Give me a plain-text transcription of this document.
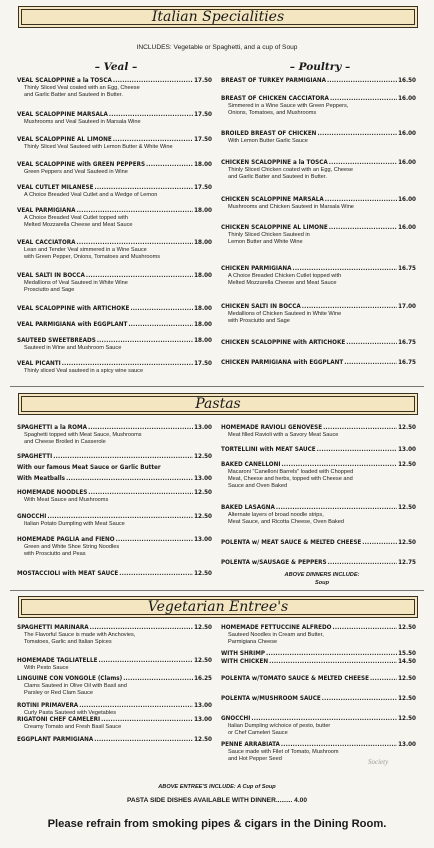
Italian Specialities
INCLUDES: Vegetable or Spaghetti, and a cup of Soup
– Veal –	– Poultry –
VEAL SCALOPPINE a la TOSCA .....	17.50
Thinly Sliced Veal coated with an Egg, Cheese
and Garlic Batter and Sauteed in Butter.
VEAL SCALOPPINE MARSALA .....	17.50
Mushrooms and Veal Sauteed in Marsala Wine
VEAL SCALOPPINE AL LIMONE .....	17.50
Thinly Sliced Veal Sauteed with Lemon Butter & White Wine
VEAL SCALOPPINE with GREEN PEPPERS .....	18.00
Green Peppers and Veal Sauteed in Wine
VEAL CUTLET MILANESE .....	17.50
A Choice Breaded Veal Cutlet and a Wedge of Lemon
VEAL PARMIGIANA .....	18.00
A Choice Breaded Veal Cutlet topped with
Melted Mozzarella Cheese and Meat Sauce
VEAL CACCIATORA .....	18.00
Lean and Tender Veal simmered in a Wine Sauce
with Green Pepper, Onions, Tomatoes and Mushrooms
VEAL SALTI IN BOCCA .....	18.00
Medallions of Veal Sauteed in White Wine
Prosciutto and Sage
VEAL SCALOPPINE with ARTICHOKE .....	18.00
VEAL PARMIGIANA with EGGPLANT .....	18.00
SAUTEED SWEETBREADS .....	18.00
Sauteed in Wine and Mushroom Sauce
VEAL PICANTI .....	17.50
Thinly sliced Veal sauteed in a spicy wine sauce
BREAST OF TURKEY PARMIGIANA .....	16.50
BREAST OF CHICKEN CACCIATORA .....	16.00
Simmered in a Wine Sauce with Green Peppers,
Onions, Tomatoes, and Mushrooms
BROILED BREAST OF CHICKEN .....	16.00
With Lemon Butter Garlic Sauce
CHICKEN SCALOPPINE a la TOSCA .....	16.00
Thinly Sliced Chicken coated with an Egg, Cheese
and Garlic Batter and Sauteed in Butter.
CHICKEN SCALOPPINE MARSALA .....	16.00
Mushrooms and Chicken Sauteed in Marsala Wine
CHICKEN SCALOPPINE AL LIMONE .....	16.00
Thinly Sliced Chicken Sauteed in
Lemon Butter and White Wine
CHICKEN PARMIGIANA .....	16.75
A Choice Breaded Chicken Cutlet topped with
Melted Mozzarella Cheese and Meat Sauce
CHICKEN SALTI IN BOCCA .....	17.00
Medallions of Chicken Sauteed in White Wine
with Prosciutto and Sage
CHICKEN SCALOPPINE with ARTICHOKE .....	16.75
CHICKEN PARMIGIANA with EGGPLANT .....	16.75
Pastas
SPAGHETTI a la ROMA .....	13.00
Spaghetti topped with Meat Sauce, Mushrooms
and Cheese Broiled in Casserole
SPAGHETTI .....	12.50
With our famous Meat Sauce or Garlic Butter
With Meatballs .....	13.00
HOMEMADE NOODLES .....	12.50
With Meat Sauce and Mushrooms
GNOCCHI .....	12.50
Italian Potato Dumpling with Meat Sauce
HOMEMADE PAGLIA and FIENO .....	13.00
Green and White Shoe String Noodles
with Prosciutto and Peas
MOSTACCIOLI with MEAT SAUCE .....	12.50
HOMEMADE RAVIOLI GENOVESE .....	12.50
Meat filled Ravioli with a Savory Meat Sauce
TORTELLINI with MEAT SAUCE .....	13.00
BAKED CANELLONI .....	12.50
Macaroni "Canelloni Barrels" loaded with Chopped
Meat, Cheese and herbs, topped with Cheese and
Sauce and Oven Baked
BAKED LASAGNA .....	12.50
Alternate layers of broad noodle strips,
Meat Sauce, and Ricotta Cheese, Oven Baked
POLENTA w/ MEAT SAUCE & MELTED CHEESE .....	12.50
POLENTA w/SAUSAGE & PEPPERS .....	12.75
ABOVE DINNERS INCLUDE:
Soup
Vegetarian Entree's
SPAGHETTI MARINARA .....	12.50
The Flavorful Sauce is made with Anchovies,
Tomatoes, Garlic and Italian Spices
HOMEMADE TAGLIATELLE .....	12.50
With Pesto Sauce
LINGUINE CON VONGOLE (Clams) .....	16.25
Clams Sauteed in Olive Oil with Basil and
Parsley or Red Clam Sauce
ROTINI PRIMAVERA .....	13.00
Curly Pasta Sauteed with Vegetables
RIGATONI CHEF CAMELERI .....	13.00
Creamy Tomato and Fresh Basil Sauce
EGGPLANT PARMIGIANA .....	12.50
HOMEMADE FETTUCCINE ALFREDO .....	12.50
Sauteed Noodles in Cream and Butter,
Parmigiana Cheese
WITH SHRIMP .....	15.50
WITH CHICKEN .....	14.50
POLENTA w/TOMATO SAUCE & MELTED CHEESE .....	12.50
POLENTA w/MUSHROOM SAUCE .....	12.50
GNOCCHI .....	12.50
Italian Dumpling w/choice of pesto, butter
or Chef Cameleri Sauce
PENNE ARRABIATA .....	13.00
Sauce made with Filet of Tomato, Mushroom
and Hot Pepper Seed
ABOVE ENTREE'S INCLUDE: A Cup of Soup
PASTA SIDE DISHES AVAILABLE WITH DINNER......... 4.00
Please refrain from smoking pipes & cigars in the Dining Room.
Society
